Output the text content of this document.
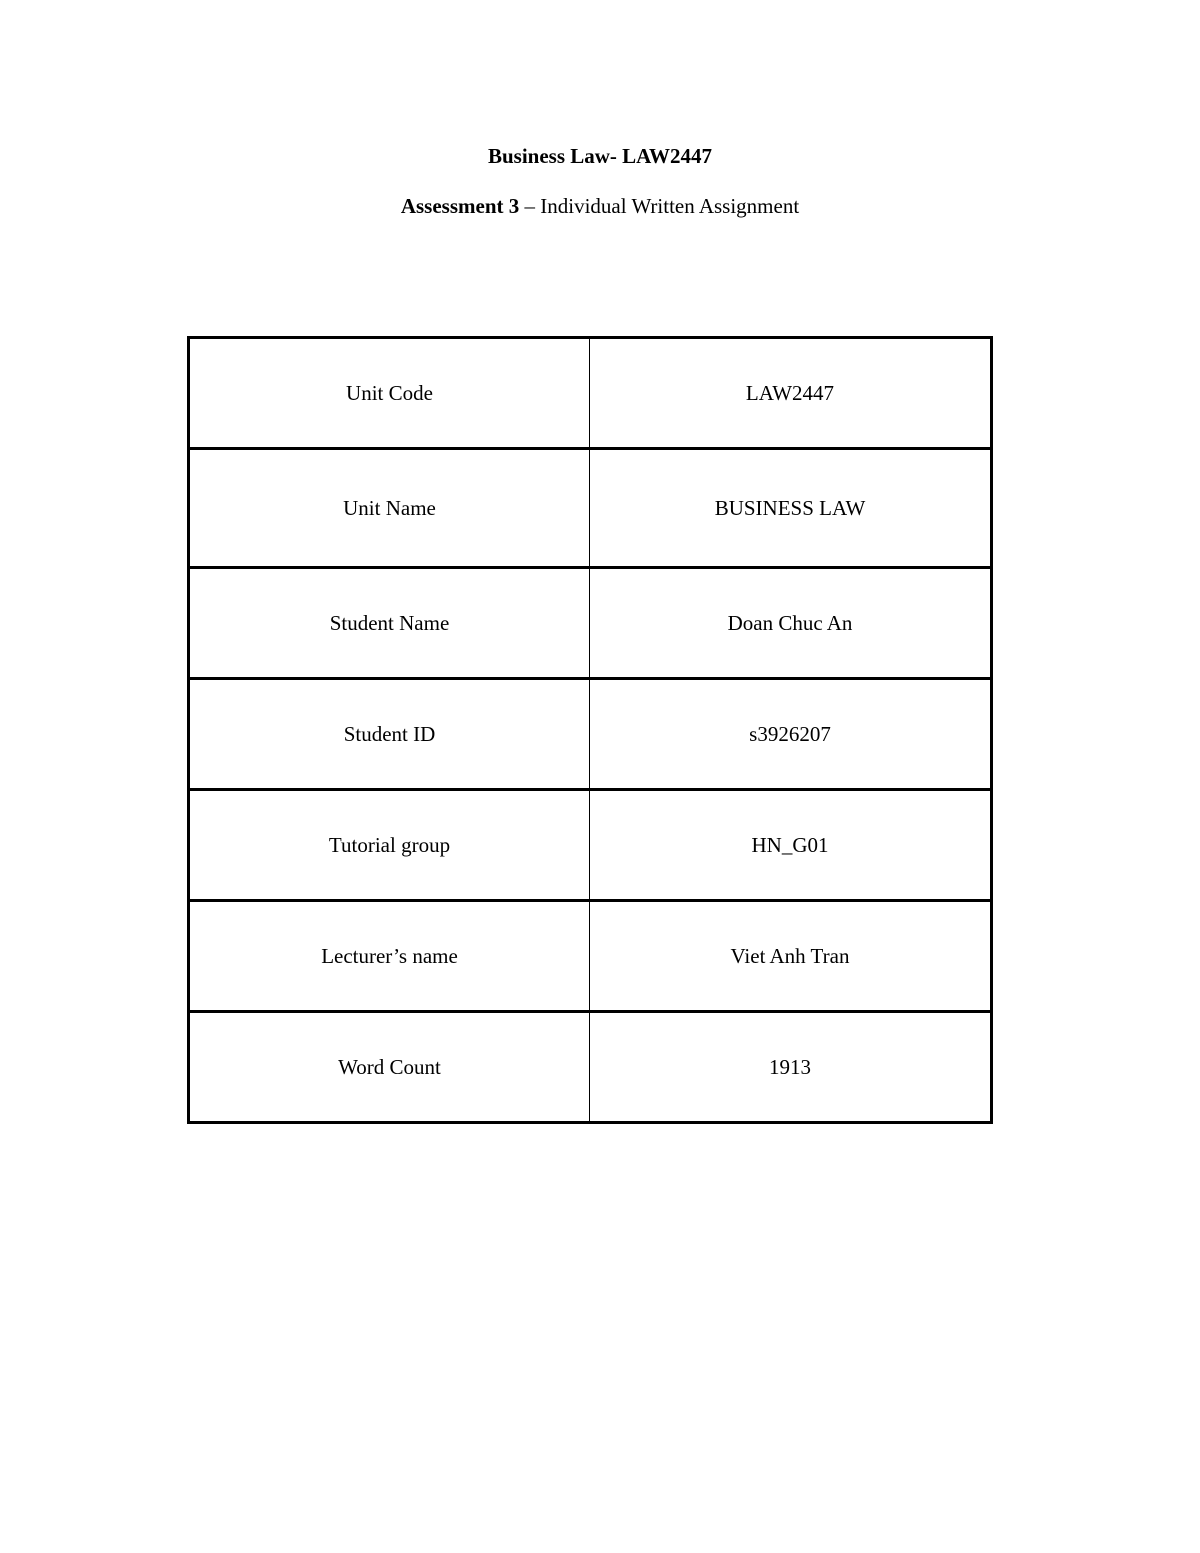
Business Law- LAW2447
Assessment 3 – Individual Written Assignment
Unit Code	LAW2447
Unit Name	BUSINESS LAW
Student Name	Doan Chuc An
Student ID	s3926207
Tutorial group	HN_G01
Lecturer’s name	Viet Anh Tran
Word Count	1913
